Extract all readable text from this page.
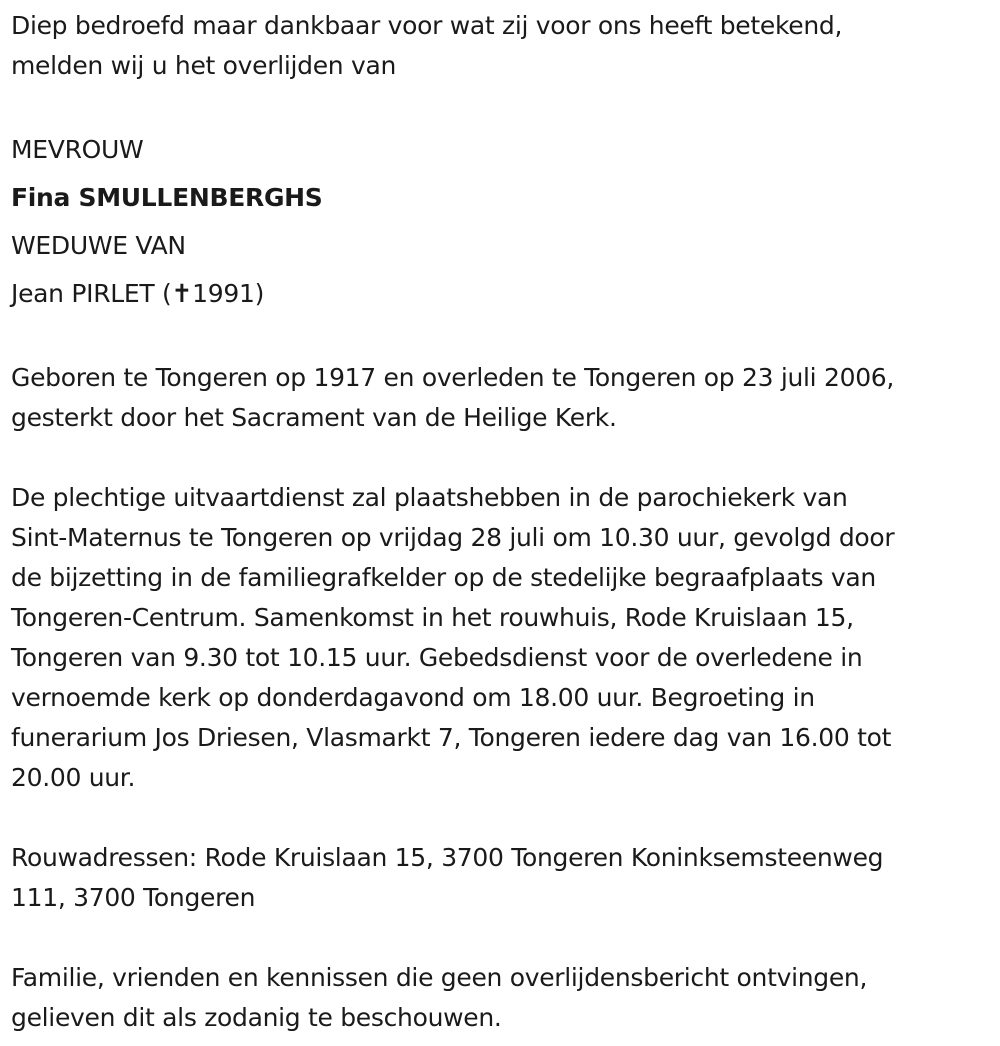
Diep bedroefd maar dankbaar voor wat zij voor ons heeft betekend,

melden wij u het overlijden van

MEVROUW

Fina SMULLENBERGHS

WEDUWE VAN

Jean PIRLET (✝1991)

Geboren te Tongeren op 1917 en overleden te Tongeren op 23 juli 2006,

gesterkt door het Sacrament van de Heilige Kerk.

De plechtige uitvaartdienst zal plaatshebben in de parochiekerk van

Sint-Maternus te Tongeren op vrijdag 28 juli om 10.30 uur, gevolgd door

de bijzetting in de familiegrafkelder op de stedelijke begraafplaats van

Tongeren-Centrum. Samenkomst in het rouwhuis, Rode Kruislaan 15,

Tongeren van 9.30 tot 10.15 uur. Gebedsdienst voor de overledene in

vernoemde kerk op donderdagavond om 18.00 uur. Begroeting in

funerarium Jos Driesen, Vlasmarkt 7, Tongeren iedere dag van 16.00 tot

20.00 uur.

Rouwadressen: Rode Kruislaan 15, 3700 Tongeren Koninksemsteenweg

111, 3700 Tongeren

Familie, vrienden en kennissen die geen overlijdensbericht ontvingen,

gelieven dit als zodanig te beschouwen.
